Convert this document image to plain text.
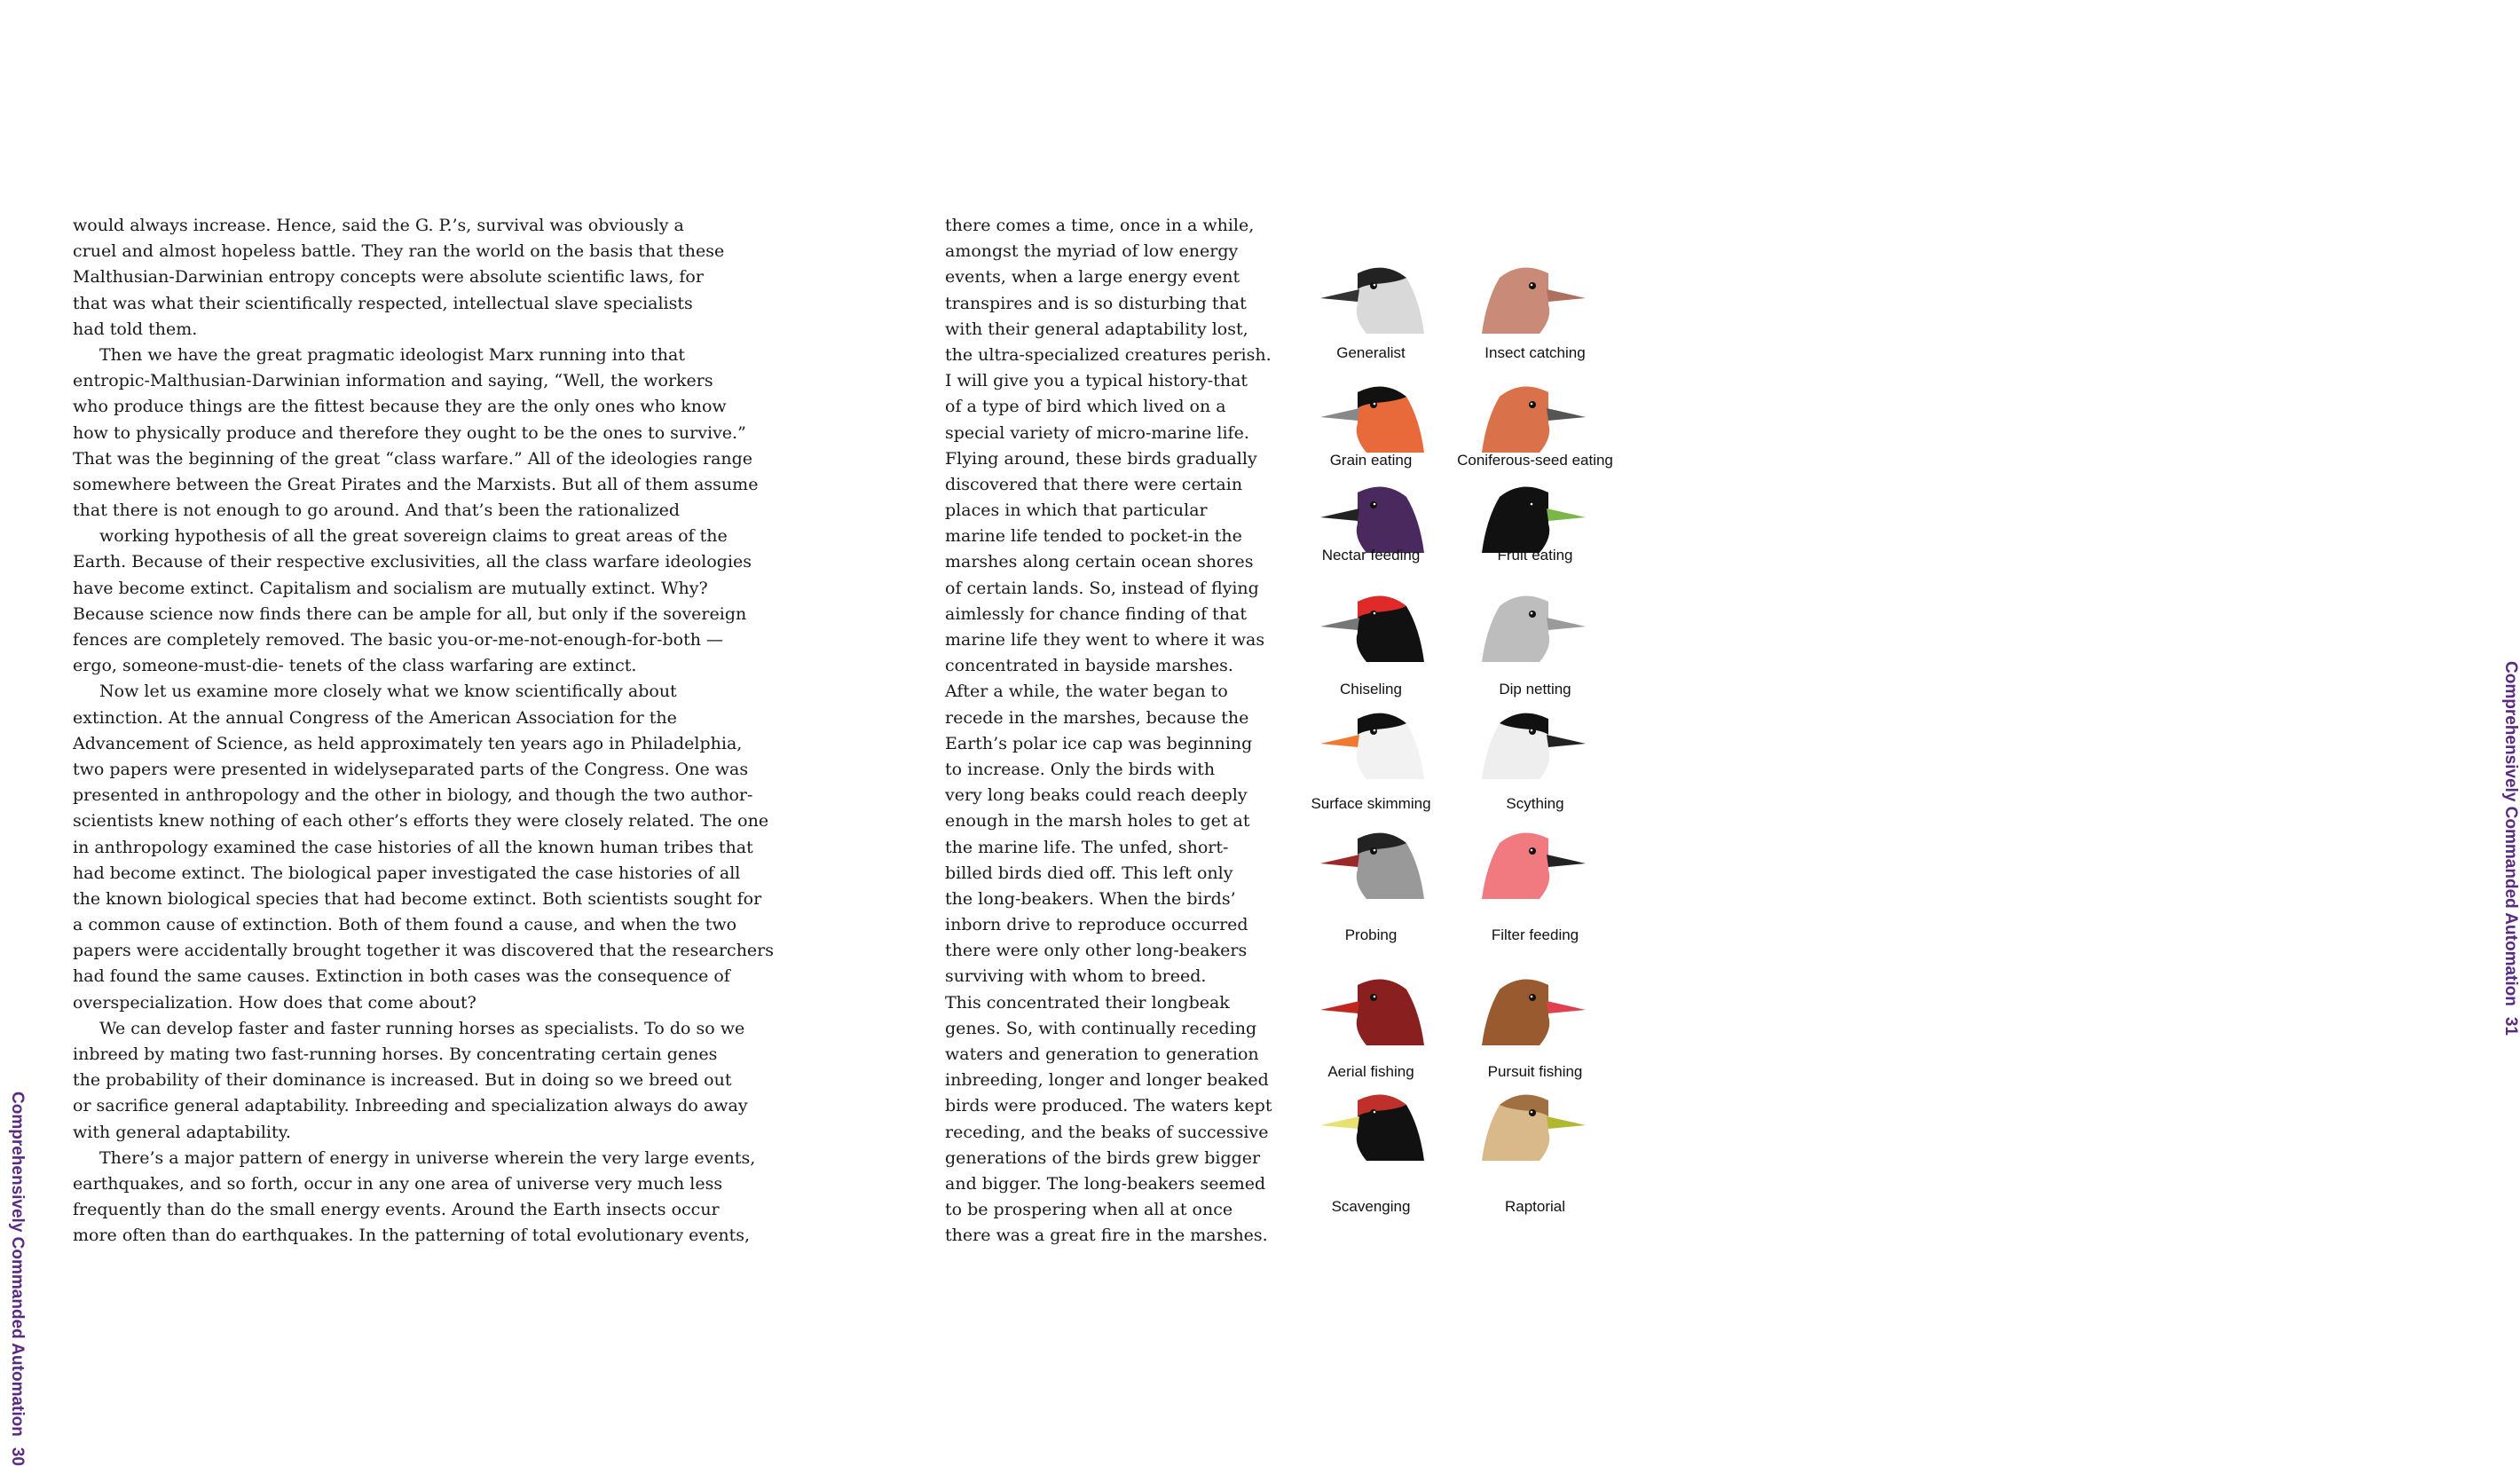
Comprehensively Commanded Automation30
would always increase. Hence, said the G. P.’s, survival was obviously a
cruel and almost hopeless battle. They ran the world on the basis that these
Malthusian-Darwinian entropy concepts were absolute scientific laws, for
that was what their scientifically respected, intellectual slave specialists
had told them.
Then we have the great pragmatic ideologist Marx running into that
entropic-Malthusian-Darwinian information and saying, “Well, the workers
who produce things are the fittest because they are the only ones who know
how to physically produce and therefore they ought to be the ones to survive.”
That was the beginning of the great “class warfare.” All of the ideologies range
somewhere between the Great Pirates and the Marxists. But all of them assume
that there is not enough to go around. And that’s been the rationalized
working hypothesis of all the great sovereign claims to great areas of the
Earth. Because of their respective exclusivities, all the class warfare ideologies
have become extinct. Capitalism and socialism are mutually extinct. Why?
Because science now finds there can be ample for all, but only if the sovereign
fences are completely removed. The basic you-or-me-not-enough-for-both —
ergo, someone-must-die- tenets of the class warfaring are extinct.
Now let us examine more closely what we know scientifically about
extinction. At the annual Congress of the American Association for the
Advancement of Science, as held approximately ten years ago in Philadelphia,
two papers were presented in widelyseparated parts of the Congress. One was
presented in anthropology and the other in biology, and though the two author-
scientists knew nothing of each other’s efforts they were closely related. The one
in anthropology examined the case histories of all the known human tribes that
had become extinct. The biological paper investigated the case histories of all
the known biological species that had become extinct. Both scientists sought for
a common cause of extinction. Both of them found a cause, and when the two
papers were accidentally brought together it was discovered that the researchers
had found the same causes. Extinction in both cases was the consequence of
overspecialization. How does that come about?
We can develop faster and faster running horses as specialists. To do so we
inbreed by mating two fast-running horses. By concentrating certain genes
the probability of their dominance is increased. But in doing so we breed out
or sacrifice general adaptability. Inbreeding and specialization always do away
with general adaptability.
There’s a major pattern of energy in universe wherein the very large events,
earthquakes, and so forth, occur in any one area of universe very much less
frequently than do the small energy events. Around the Earth insects occur
more often than do earthquakes. In the patterning of total evolutionary events,
there comes a time, once in a while,
amongst the myriad of low energy
events, when a large energy event
transpires and is so disturbing that
with their general adaptability lost,
the ultra-specialized creatures perish.
I will give you a typical history-that
of a type of bird which lived on a
special variety of micro-marine life.
Flying around, these birds gradually
discovered that there were certain
places in which that particular
marine life tended to pocket-in the
marshes along certain ocean shores
of certain lands. So, instead of flying
aimlessly for chance finding of that
marine life they went to where it was
concentrated in bayside marshes.
After a while, the water began to
recede in the marshes, because the
Earth’s polar ice cap was beginning
to increase. Only the birds with
very long beaks could reach deeply
enough in the marsh holes to get at
the marine life. The unfed, short-
billed birds died off. This left only
the long-beakers. When the birds’
inborn drive to reproduce occurred
there were only other long-beakers
surviving with whom to breed.
This concentrated their longbeak
genes. So, with continually receding
waters and generation to generation
inbreeding, longer and longer beaked
birds were produced. The waters kept
receding, and the beaks of successive
generations of the birds grew bigger
and bigger. The long-beakers seemed
to be prospering when all at once
there was a great fire in the marshes.
Generalist	Insect catching
Grain eating	Coniferous-seed eating
Nectar feeding	Fruit eating
Chiseling	Dip netting
Surface skimming	Scything
Probing	Filter feeding
Aerial fishing	Pursuit fishing
Scavenging	Raptorial
Comprehensively Commanded Automation31
